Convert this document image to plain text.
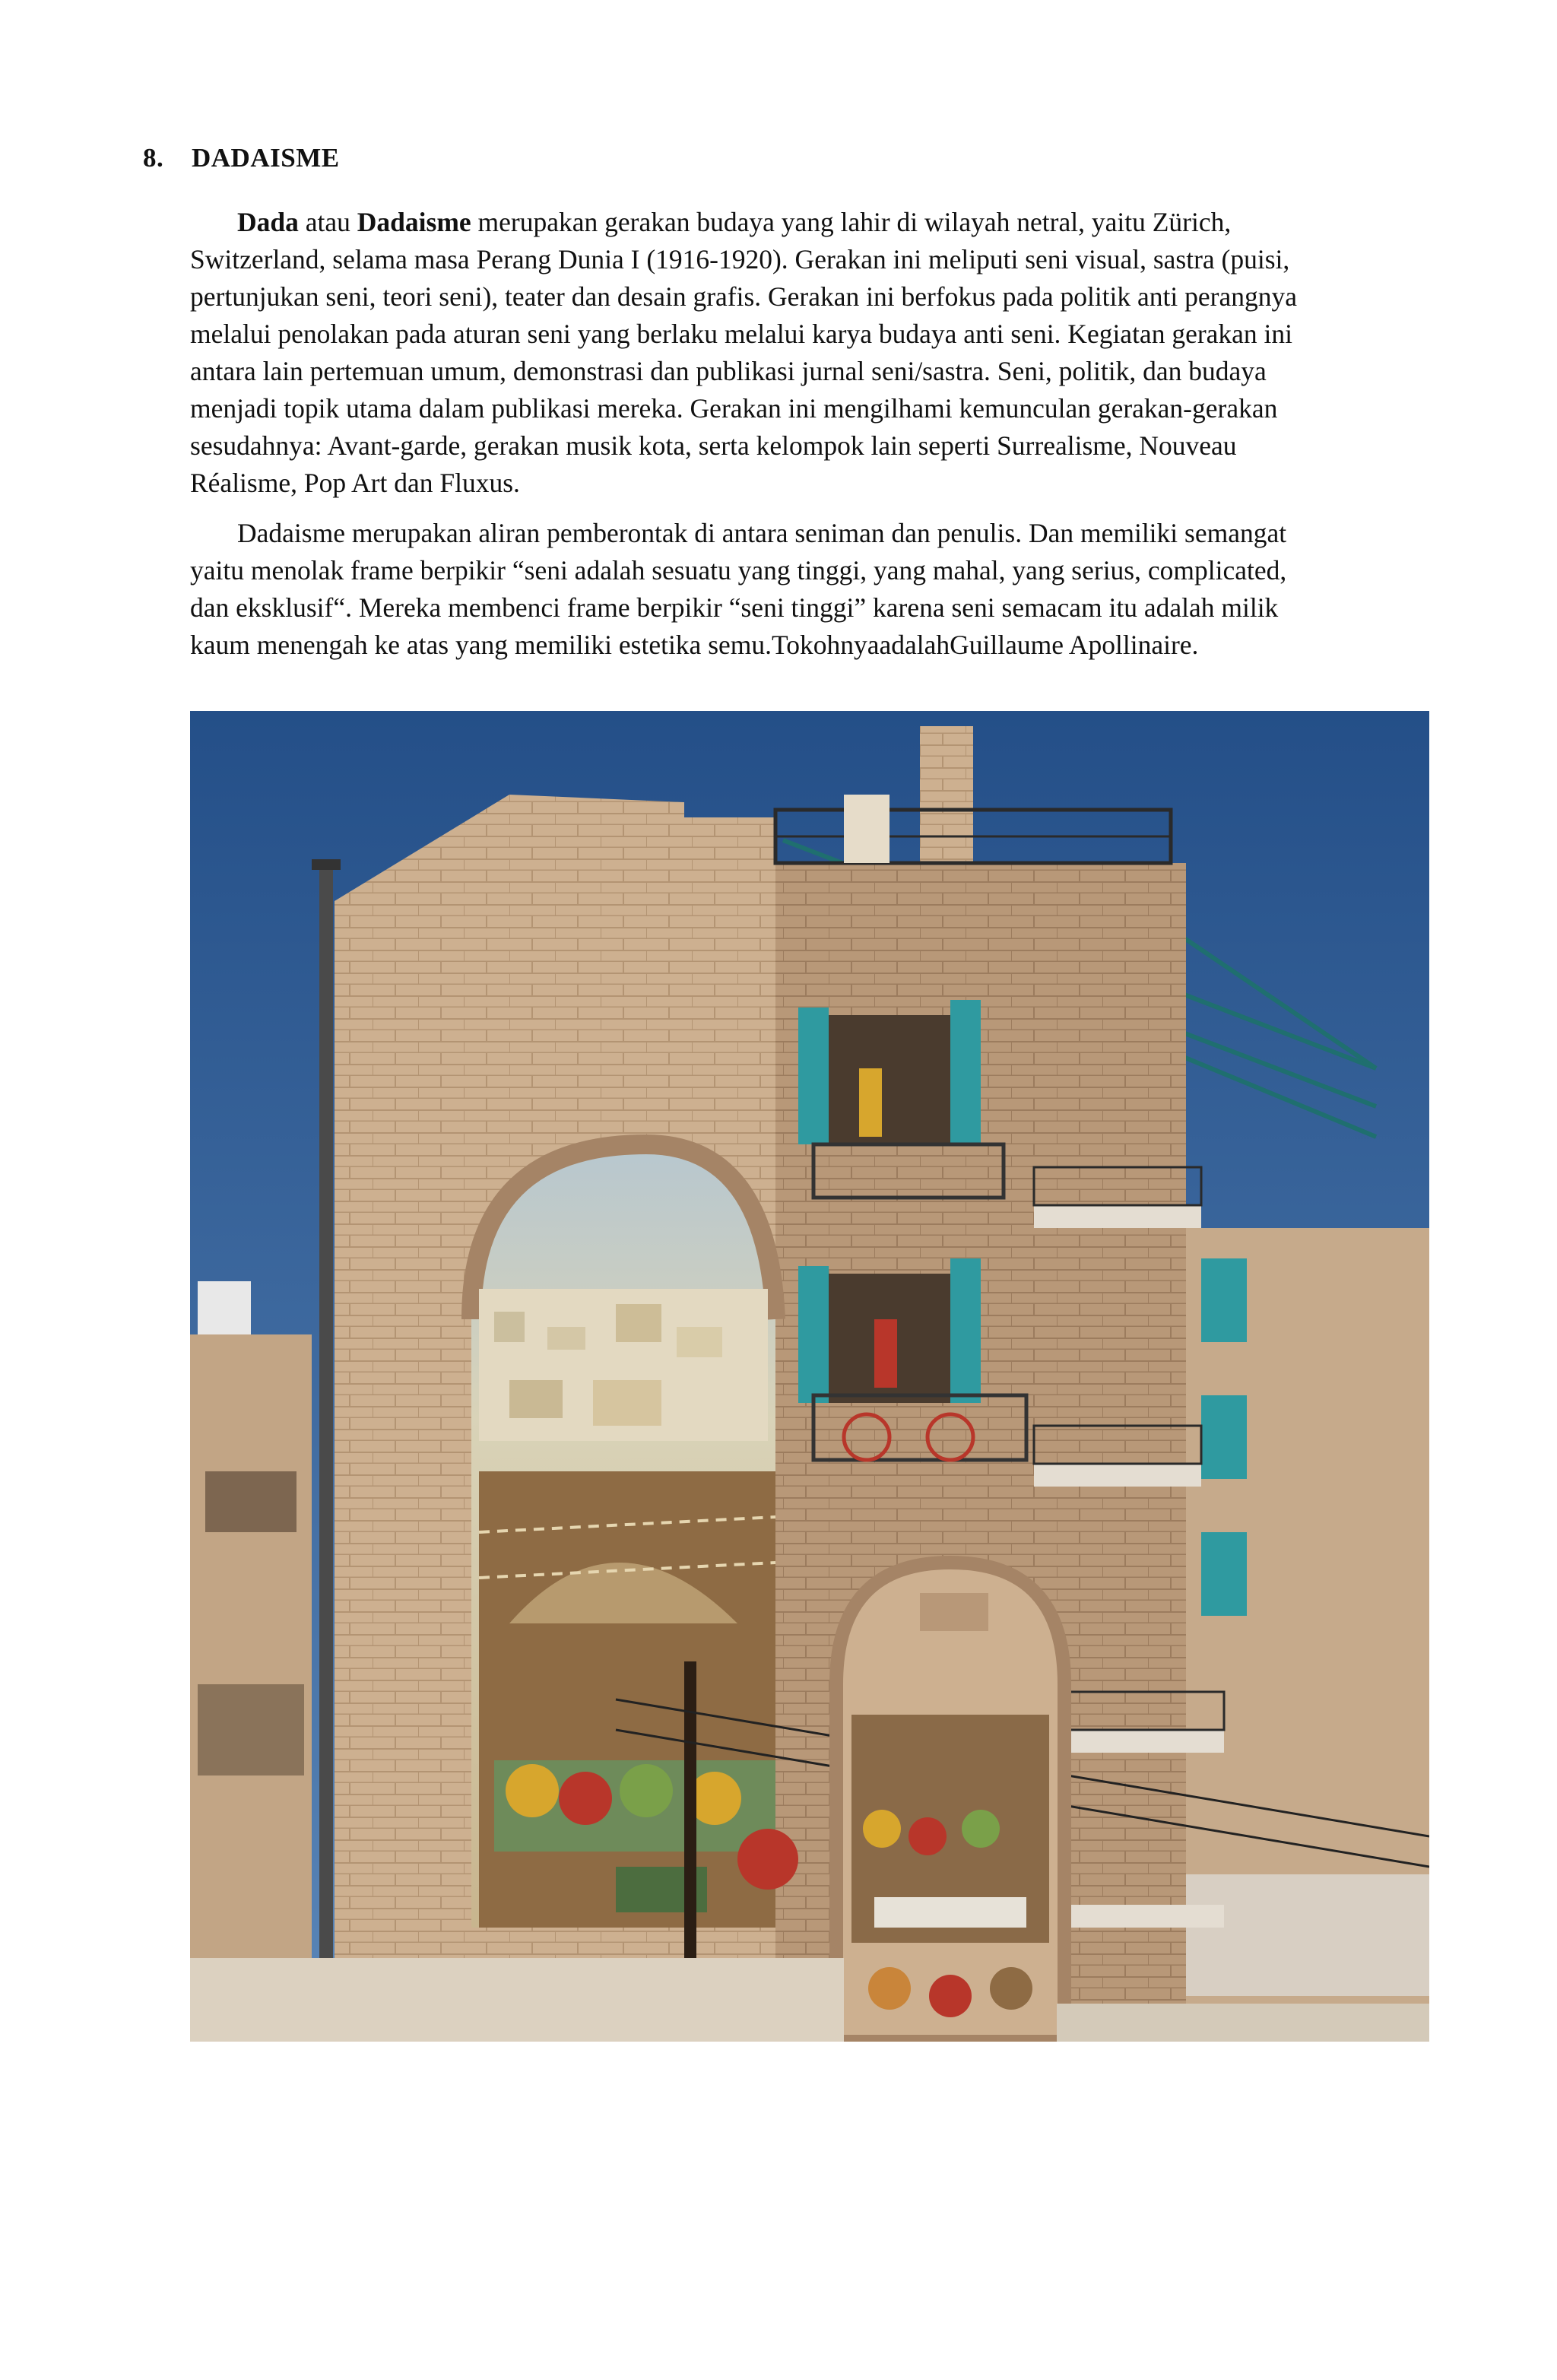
8. DADAISME
Dada atau Dadaisme merupakan gerakan budaya yang lahir di wilayah netral, yaitu Zürich,
Switzerland, selama masa Perang Dunia I (1916-1920). Gerakan ini meliputi seni visual, sastra (puisi,
pertunjukan seni, teori seni), teater dan desain grafis. Gerakan ini berfokus pada politik anti perangnya
melalui penolakan pada aturan seni yang berlaku melalui karya budaya anti seni. Kegiatan gerakan ini
antara lain pertemuan umum, demonstrasi dan publikasi jurnal seni/sastra. Seni, politik, dan budaya
menjadi topik utama dalam publikasi mereka. Gerakan ini mengilhami kemunculan gerakan-gerakan
sesudahnya: Avant-garde, gerakan musik kota, serta kelompok lain seperti Surrealisme, Nouveau
Réalisme, Pop Art dan Fluxus.
Dadaisme merupakan aliran pemberontak di antara seniman dan penulis. Dan memiliki semangat
yaitu menolak frame berpikir “seni adalah sesuatu yang tinggi, yang mahal, yang serius, complicated,
dan eksklusif“. Mereka membenci frame berpikir “seni tinggi” karena seni semacam itu adalah milik
kaum menengah ke atas yang memiliki estetika semu.TokohnyaadalahGuillaume Apollinaire.
